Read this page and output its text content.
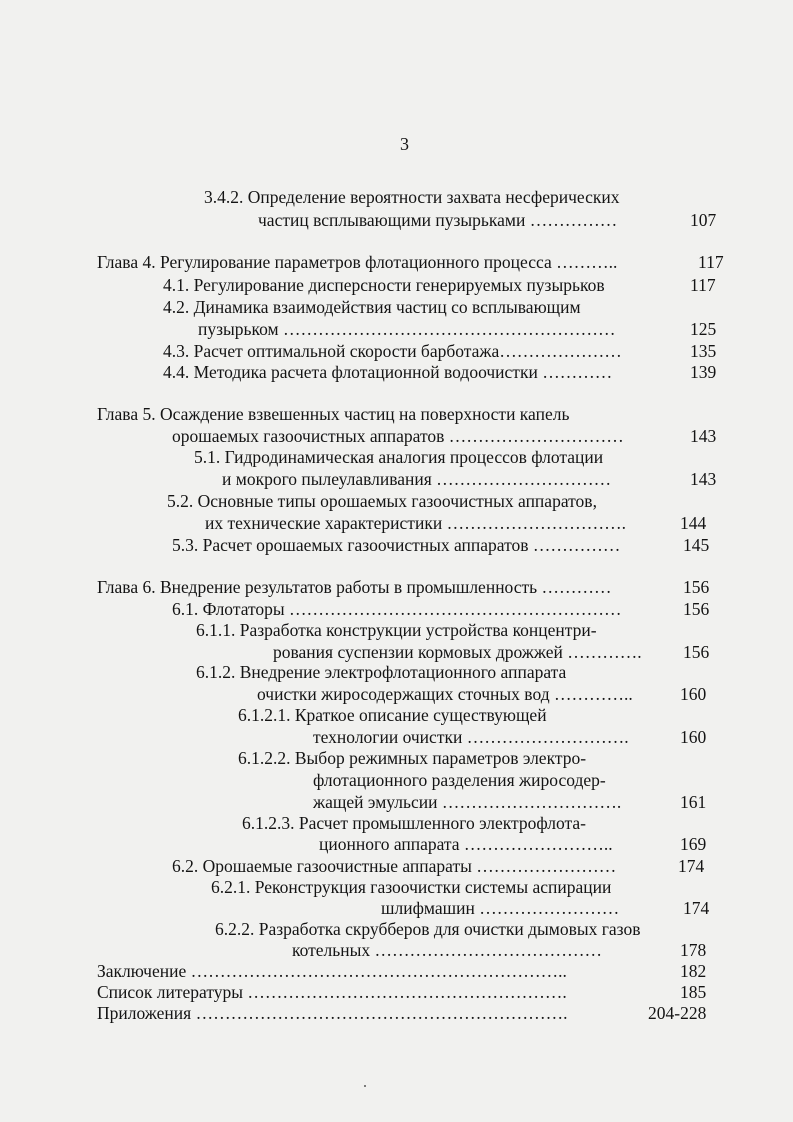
3
3.4.2. Определение вероятности захвата несферических
частиц всплывающими пузырьками ……………	107
Глава 4. Регулирование параметров флотационного процесса ………..	117
4.1. Регулирование дисперсности генерируемых пузырьков	117
4.2. Динамика взаимодействия частиц со всплывающим
пузырьком …………………………………………………	125
4.3. Расчет оптимальной скорости барботажа…………………	135
4.4. Методика расчета флотационной водоочистки …………	139
Глава 5. Осаждение взвешенных частиц на поверхности капель
орошаемых газоочистных аппаратов …………………………	143
5.1. Гидродинамическая аналогия процессов флотации
и мокрого пылеулавливания …………………………	143
5.2. Основные типы орошаемых газоочистных аппаратов,
их технические характеристики ………………………….	144
5.3. Расчет орошаемых газоочистных аппаратов ……………	145
Глава 6. Внедрение результатов работы в промышленность …………	156
6.1. Флотаторы …………………………………………………	156
6.1.1. Разработка конструкции устройства концентри-
рования суспензии кормовых дрожжей …………. 156
6.1.2. Внедрение электрофлотационного аппарата
очистки жиросодержащих сточных вод …………..	160
6.1.2.1. Краткое описание существующей
технологии очистки ……………………….	160
6.1.2.2. Выбор режимных параметров электро-
флотационного разделения жиросодер-
жащей эмульсии ………………………….	161
6.1.2.3. Расчет промышленного электрофлота-
ционного аппарата ……………………..	169
6.2. Орошаемые газоочистные аппараты ……………………	174
6.2.1. Реконструкция газоочистки системы аспирации
шлифмашин ……………………	174
6.2.2. Разработка скрубберов для очистки дымовых газов
котельных …………………………………	178
Заключение ………………………………………………………..	182
Список литературы ……………………………………………….	185
Приложения ……………………………………………………….	204-228
